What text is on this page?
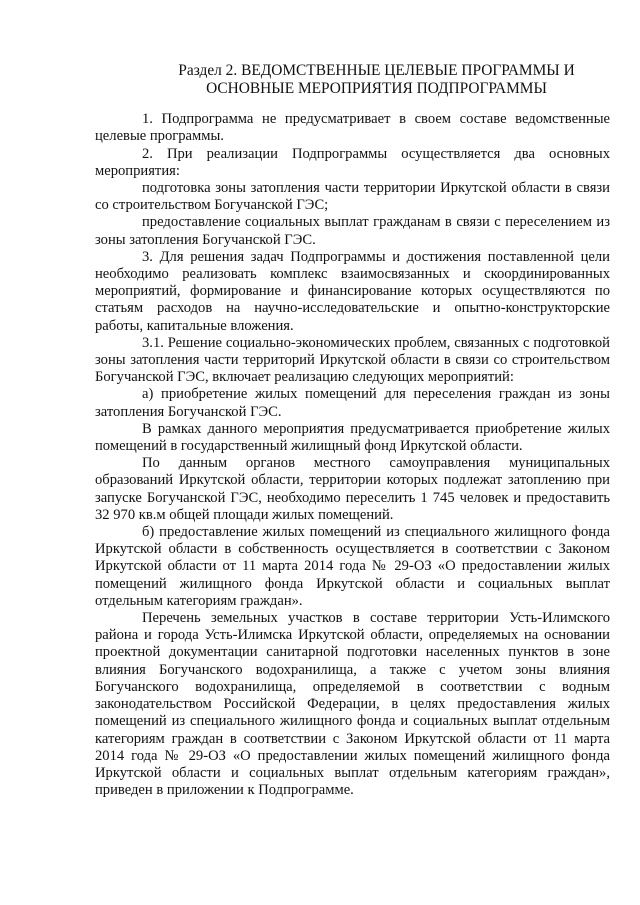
Раздел 2. ВЕДОМСТВЕННЫЕ ЦЕЛЕВЫЕ ПРОГРАММЫ И
ОСНОВНЫЕ МЕРОПРИЯТИЯ ПОДПРОГРАММЫ

1. Подпрограмма не предусматривает в своем составе ведомственные целевые программы.

2. При реализации Подпрограммы осуществляется два основных мероприятия:

подготовка зоны затопления части территории Иркутской области в связи со строительством Богучанской ГЭС;

предоставление социальных выплат гражданам в связи с переселением из зоны затопления Богучанской ГЭС.

3. Для решения задач Подпрограммы и достижения поставленной цели необходимо реализовать комплекс взаимосвязанных и скоординированных мероприятий, формирование и финансирование которых осуществляются по статьям расходов на научно-исследовательские и опытно-конструкторские работы, капитальные вложения.

3.1. Решение социально-экономических проблем, связанных с подготовкой зоны затопления части территорий Иркутской области в связи со строительством Богучанской ГЭС, включает реализацию следующих мероприятий:

а) приобретение жилых помещений для переселения граждан из зоны затопления Богучанской ГЭС.

В рамках данного мероприятия предусматривается приобретение жилых помещений в государственный жилищный фонд Иркутской области.

По данным органов местного самоуправления муниципальных образований Иркутской области, территории которых подлежат затоплению при запуске Богучанской ГЭС, необходимо переселить 1 745 человек и предоставить 32 970 кв.м общей площади жилых помещений.

б) предоставление жилых помещений из специального жилищного фонда Иркутской области в собственность осуществляется в соответствии с Законом Иркутской области от 11 марта 2014 года № 29-ОЗ «О предоставлении жилых помещений жилищного фонда Иркутской области и социальных выплат отдельным категориям граждан».

Перечень земельных участков в составе территории Усть-Илимского района и города Усть-Илимска Иркутской области, определяемых на основании проектной документации санитарной подготовки населенных пунктов в зоне влияния Богучанского водохранилища, а также с учетом зоны влияния Богучанского водохранилища, определяемой в соответствии с водным законодательством Российской Федерации, в целях предоставления жилых помещений из специального жилищного фонда и социальных выплат отдельным категориям граждан в соответствии с Законом Иркутской области от 11 марта 2014 года № 29-ОЗ «О предоставлении жилых помещений жилищного фонда Иркутской области и социальных выплат отдельным категориям граждан», приведен в приложении к Подпрограмме.
